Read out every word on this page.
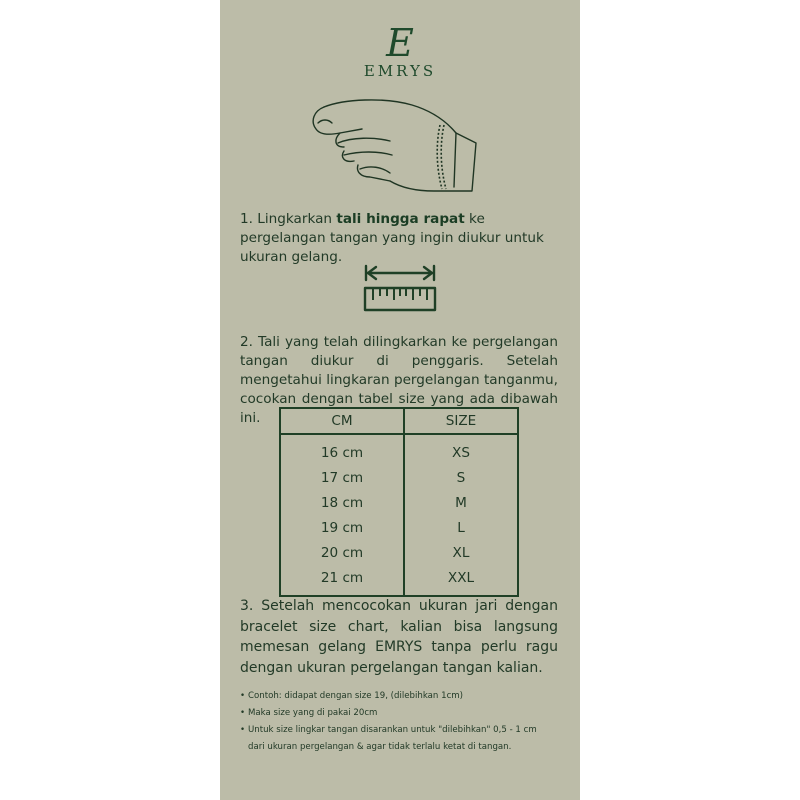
E
EMRYS
1. Lingkarkan tali hingga rapat ke pergelangan tangan yang ingin diukur untuk ukuran gelang.
2. Tali yang telah dilingkarkan ke pergelangan tangan diukur di penggaris. Setelah mengetahui lingkaran pergelangan tanganmu, cocokan dengan tabel size yang ada dibawah ini.	CM	SIZE
16 cm	XS
17 cm	S
18 cm	M
19 cm	L
20 cm	XL
21 cm	XXL
3. Setelah mencocokan ukuran jari dengan bracelet size chart, kalian bisa langsung memesan gelang EMRYS tanpa perlu ragu dengan ukuran pergelangan tangan kalian.
• Contoh: didapat dengan size 19, (dilebihkan 1cm)
• Maka size yang di pakai 20cm
• Untuk size lingkar tangan disarankan untuk "dilebihkan" 0,5 - 1 cm
dari ukuran pergelangan & agar tidak terlalu ketat di tangan.
